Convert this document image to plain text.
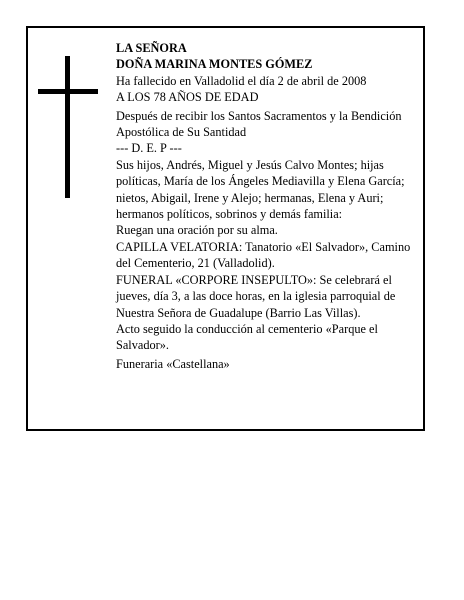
LA SEÑORA

DOÑA MARINA MONTES GÓMEZ

Ha fallecido en Valladolid el día 2 de abril de 2008

A LOS 78 AÑOS DE EDAD

Después de recibir los Santos Sacramentos y la Bendición Apostólica de Su Santidad

--- D. E. P ---

Sus hijos, Andrés, Miguel y Jesús Calvo Montes; hijas políticas, María de los Ángeles Mediavilla y Elena García; nietos, Abigail, Irene y Alejo; hermanas, Elena y Auri; hermanos políticos, sobrinos y demás familia:

Ruegan una oración por su alma.

CAPILLA VELATORIA: Tanatorio «El Salvador», Camino del Cementerio, 21 (Valladolid).

FUNERAL «CORPORE INSEPULTO»: Se celebrará el jueves, día 3, a las doce horas, en la iglesia parroquial de Nuestra Señora de Guadalupe (Barrio Las Villas).

Acto seguido la conducción al cementerio «Parque el Salvador».

Funeraria «Castellana»
